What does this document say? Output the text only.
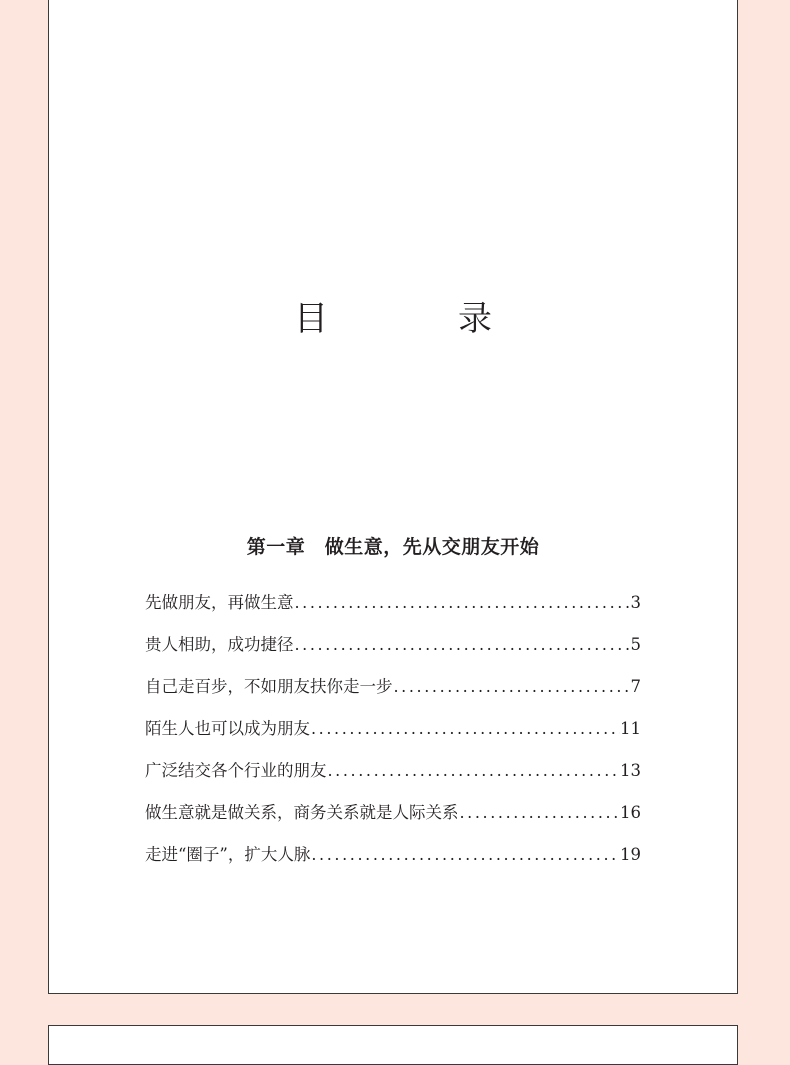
目　录
第一章　做生意，先从交朋友开始
先做朋友，再做生意 .....	3
贵人相助，成功捷径 .....	5
自己走百步，不如朋友扶你走一步 .....	7
陌生人也可以成为朋友 .....	11
广泛结交各个行业的朋友 .....	13
做生意就是做关系，商务关系就是人际关系 .....	16
走进“圈子”，扩大人脉 .....	19
